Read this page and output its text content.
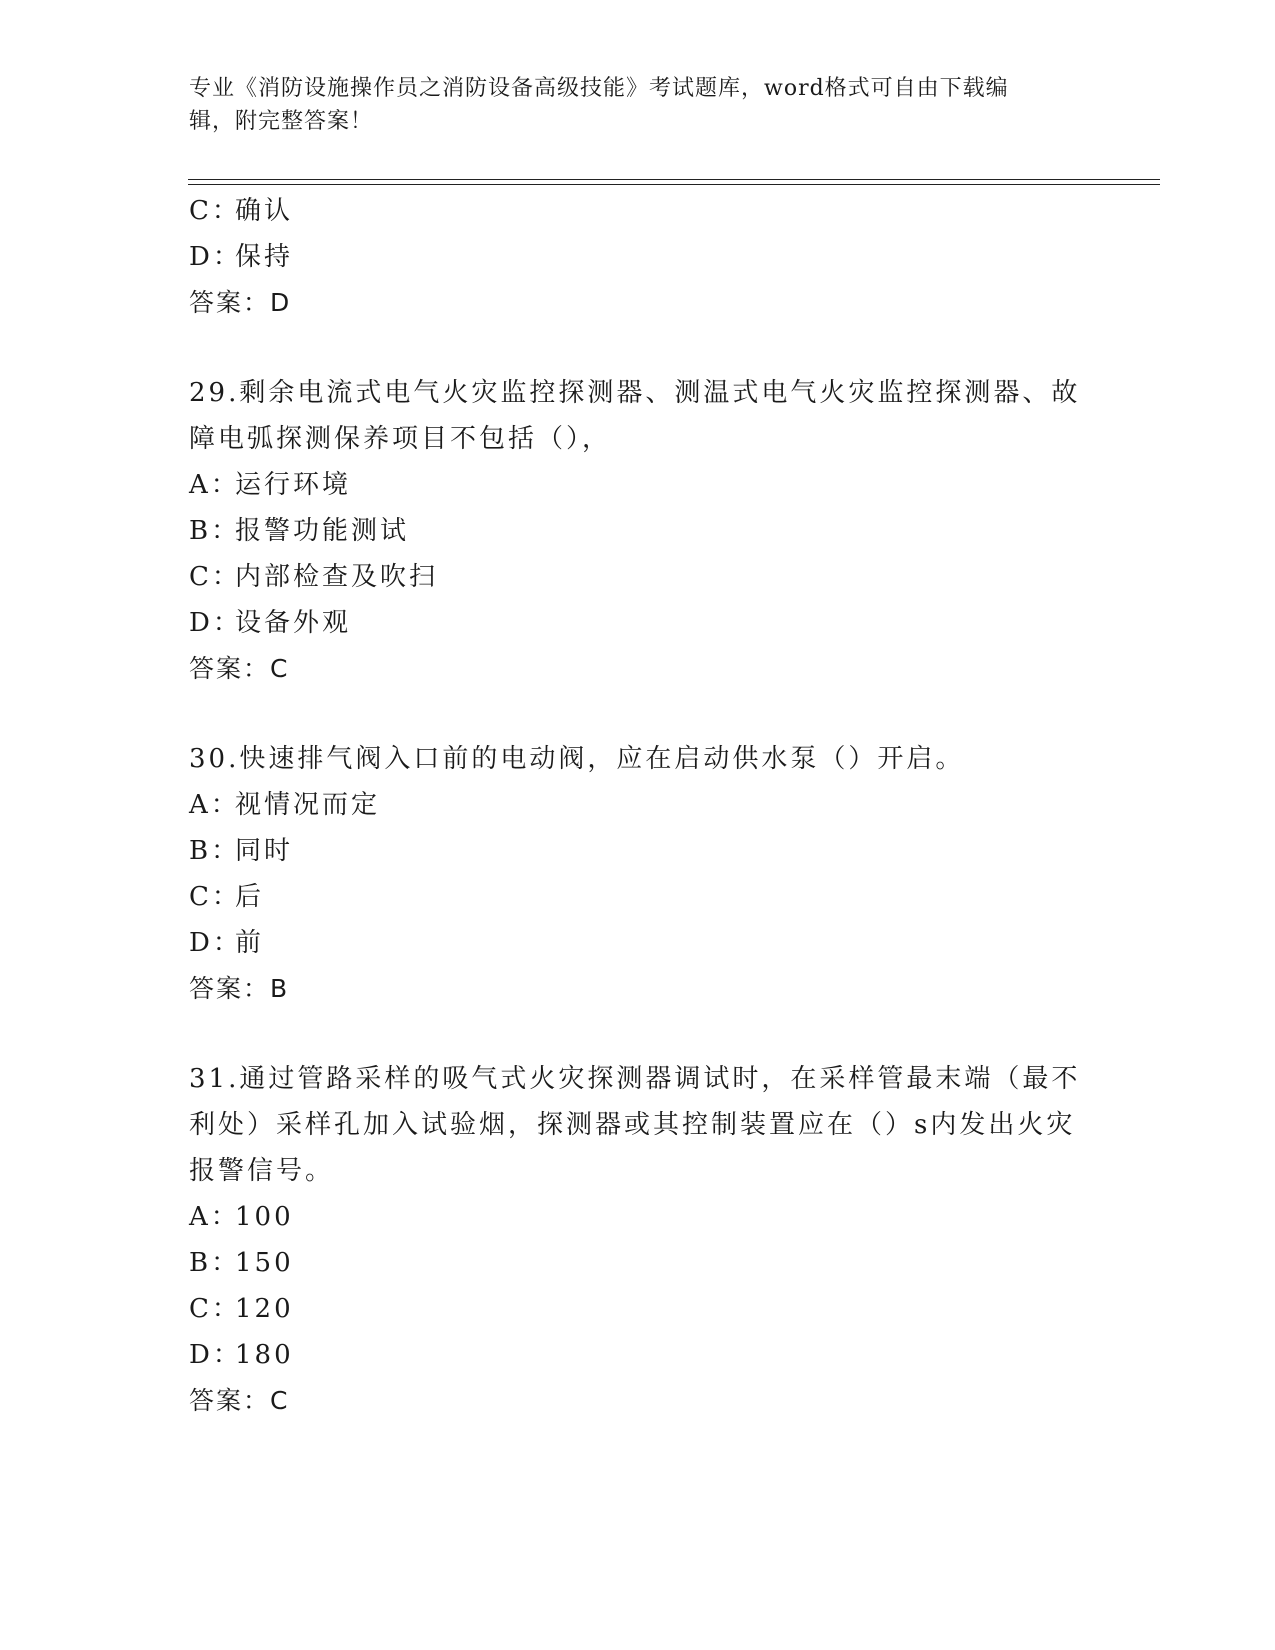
专业《消防设施操作员之消防设备高级技能》考试题库，word格式可自由下载编
辑，附完整答案！
C：确认
D：保持
答案：D
29.剩余电流式电气火灾监控探测器、测温式电气火灾监控探测器、故
障电弧探测保养项目不包括（），
A：运行环境
B：报警功能测试
C：内部检查及吹扫
D：设备外观
答案：C
30.快速排气阀入口前的电动阀，应在启动供水泵（）开启。
A：视情况而定
B：同时
C：后
D：前
答案：B
31.通过管路采样的吸气式火灾探测器调试时，在采样管最末端（最不
利处）采样孔加入试验烟，探测器或其控制装置应在（）s内发出火灾
报警信号。
A：100
B：150
C：120
D：180
答案：C
